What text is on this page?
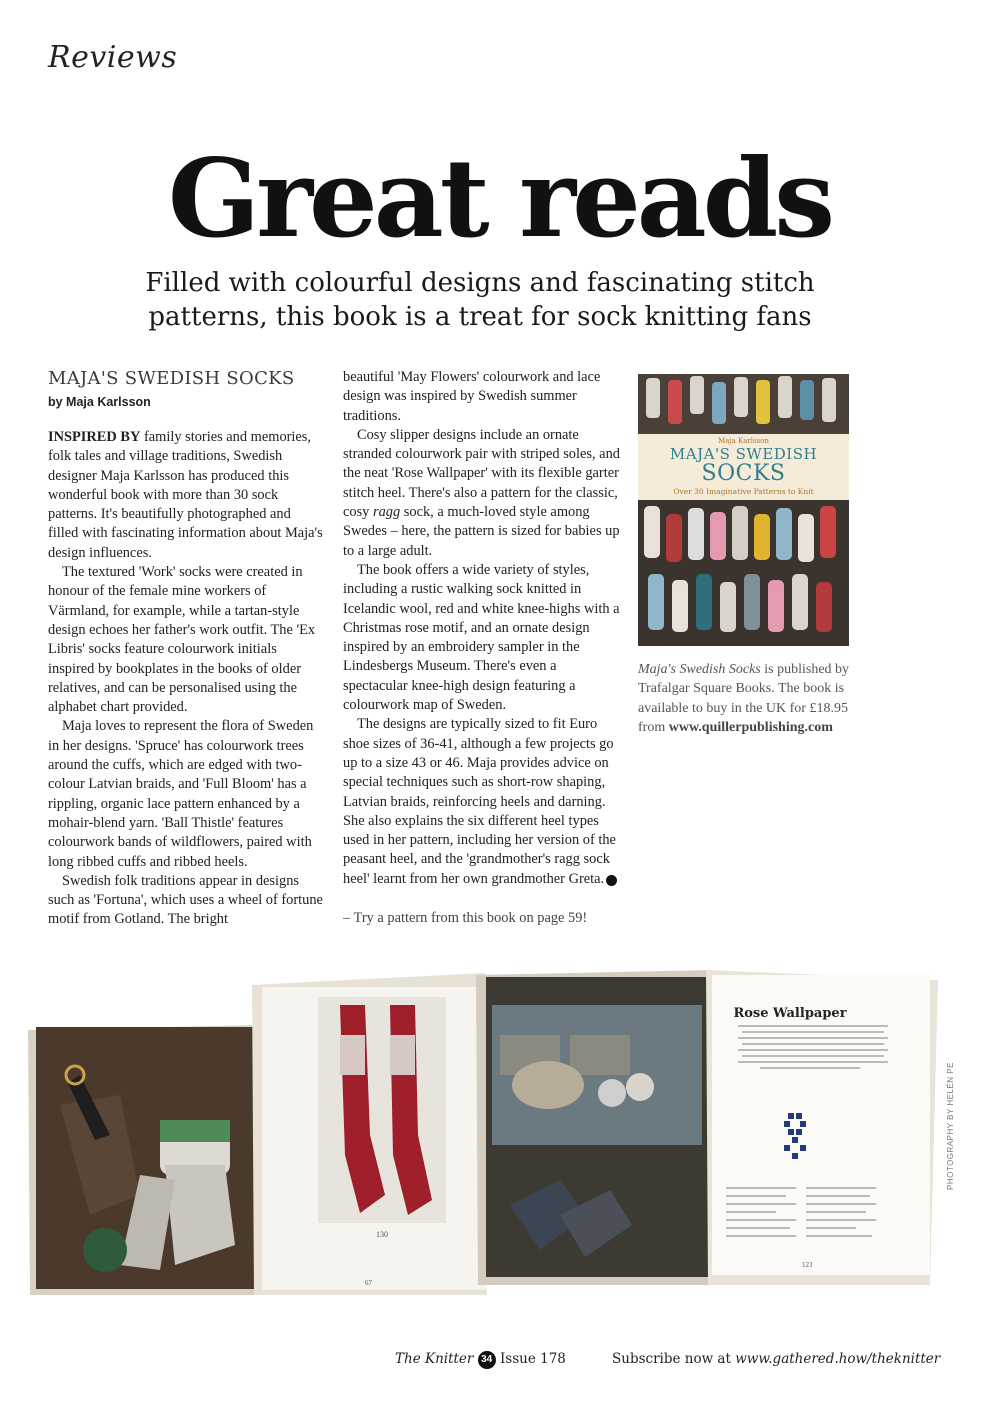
Reviews
Great reads
Filled with colourful designs and fascinating stitch patterns, this book is a treat for sock knitting fans
MAJA'S SWEDISH SOCKS
by Maja Karlsson

INSPIRED BY family stories and memories, folk tales and village traditions, Swedish designer Maja Karlsson has produced this wonderful book with more than 30 sock patterns. It's beautifully photographed and filled with fascinating information about Maja's design influences.

The textured 'Work' socks were created in honour of the female mine workers of Värmland, for example, while a tartan-style design echoes her father's work outfit. The 'Ex Libris' socks feature colourwork initials inspired by bookplates in the books of older relatives, and can be personalised using the alphabet chart provided.

Maja loves to represent the flora of Sweden in her designs. 'Spruce' has colourwork trees around the cuffs, which are edged with two-colour Latvian braids, and 'Full Bloom' has a rippling, organic lace pattern enhanced by a mohair-blend yarn. 'Ball Thistle' features colourwork bands of wildflowers, paired with long ribbed cuffs and ribbed heels.

Swedish folk traditions appear in designs such as 'Fortuna', which uses a wheel of fortune motif from Gotland. The bright

beautiful 'May Flowers' colourwork and lace design was inspired by Swedish summer traditions.

Cosy slipper designs include an ornate stranded colourwork pair with striped soles, and the neat 'Rose Wallpaper' with its flexible garter stitch heel. There's also a pattern for the classic, cosy ragg sock, a much-loved style among Swedes – here, the pattern is sized for babies up to a large adult.

The book offers a wide variety of styles, including a rustic walking sock knitted in Icelandic wool, red and white knee-highs with a Christmas rose motif, and an ornate design inspired by an embroidery sampler in the Lindesbergs Museum. There's even a spectacular knee-high design featuring a colourwork map of Sweden.

The designs are typically sized to fit Euro shoe sizes of 36-41, although a few projects go up to a size 43 or 46. Maja provides advice on special techniques such as short-row shaping, Latvian braids, reinforcing heels and darning. She also explains the six different heel types used in her pattern, including her version of the peasant heel, and the 'grandmother's ragg sock heel' learnt from her own grandmother Greta. ✚

– Try a pattern from this book on page 59!

Maja Karlsson
MAJA'S SWEDISH
SOCKS
Over 30 Imaginative Patterns to Knit
Maja's Swedish Socks is published by Trafalgar Square Books. The book is available to buy in the UK for £18.95 from www.quillerpublishing.com
130
67
Rose Wallpaper
123
PHOTOGRAPHY BY HELÉN PE
The Knitter 34 Issue 178	Subscribe now at www.gathered.how/theknitter
